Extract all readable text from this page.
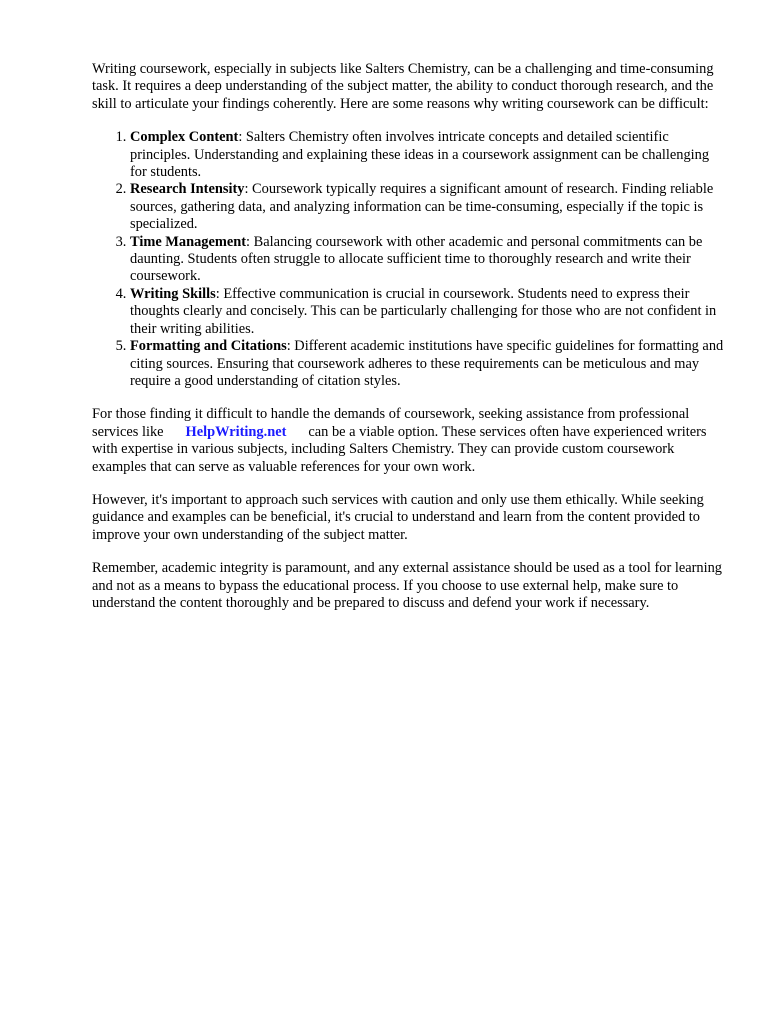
Writing coursework, especially in subjects like Salters Chemistry, can be a challenging and time-consuming task. It requires a deep understanding of the subject matter, the ability to conduct thorough research, and the skill to articulate your findings coherently. Here are some reasons why writing coursework can be difficult:

1. Complex Content: Salters Chemistry often involves intricate concepts and detailed scientific principles. Understanding and explaining these ideas in a coursework assignment can be challenging for students.
2. Research Intensity: Coursework typically requires a significant amount of research. Finding reliable sources, gathering data, and analyzing information can be time-consuming, especially if the topic is specialized.
3. Time Management: Balancing coursework with other academic and personal commitments can be daunting. Students often struggle to allocate sufficient time to thoroughly research and write their coursework.
4. Writing Skills: Effective communication is crucial in coursework. Students need to express their thoughts clearly and concisely. This can be particularly challenging for those who are not confident in their writing abilities.
5. Formatting and Citations: Different academic institutions have specific guidelines for formatting and citing sources. Ensuring that coursework adheres to these requirements can be meticulous and may require a good understanding of citation styles.

For those finding it difficult to handle the demands of coursework, seeking assistance from professional services like HelpWriting.net can be a viable option. These services often have experienced writers with expertise in various subjects, including Salters Chemistry. They can provide custom coursework examples that can serve as valuable references for your own work.

However, it's important to approach such services with caution and only use them ethically. While seeking guidance and examples can be beneficial, it's crucial to understand and learn from the content provided to improve your own understanding of the subject matter.

Remember, academic integrity is paramount, and any external assistance should be used as a tool for learning and not as a means to bypass the educational process. If you choose to use external help, make sure to understand the content thoroughly and be prepared to discuss and defend your work if necessary.
